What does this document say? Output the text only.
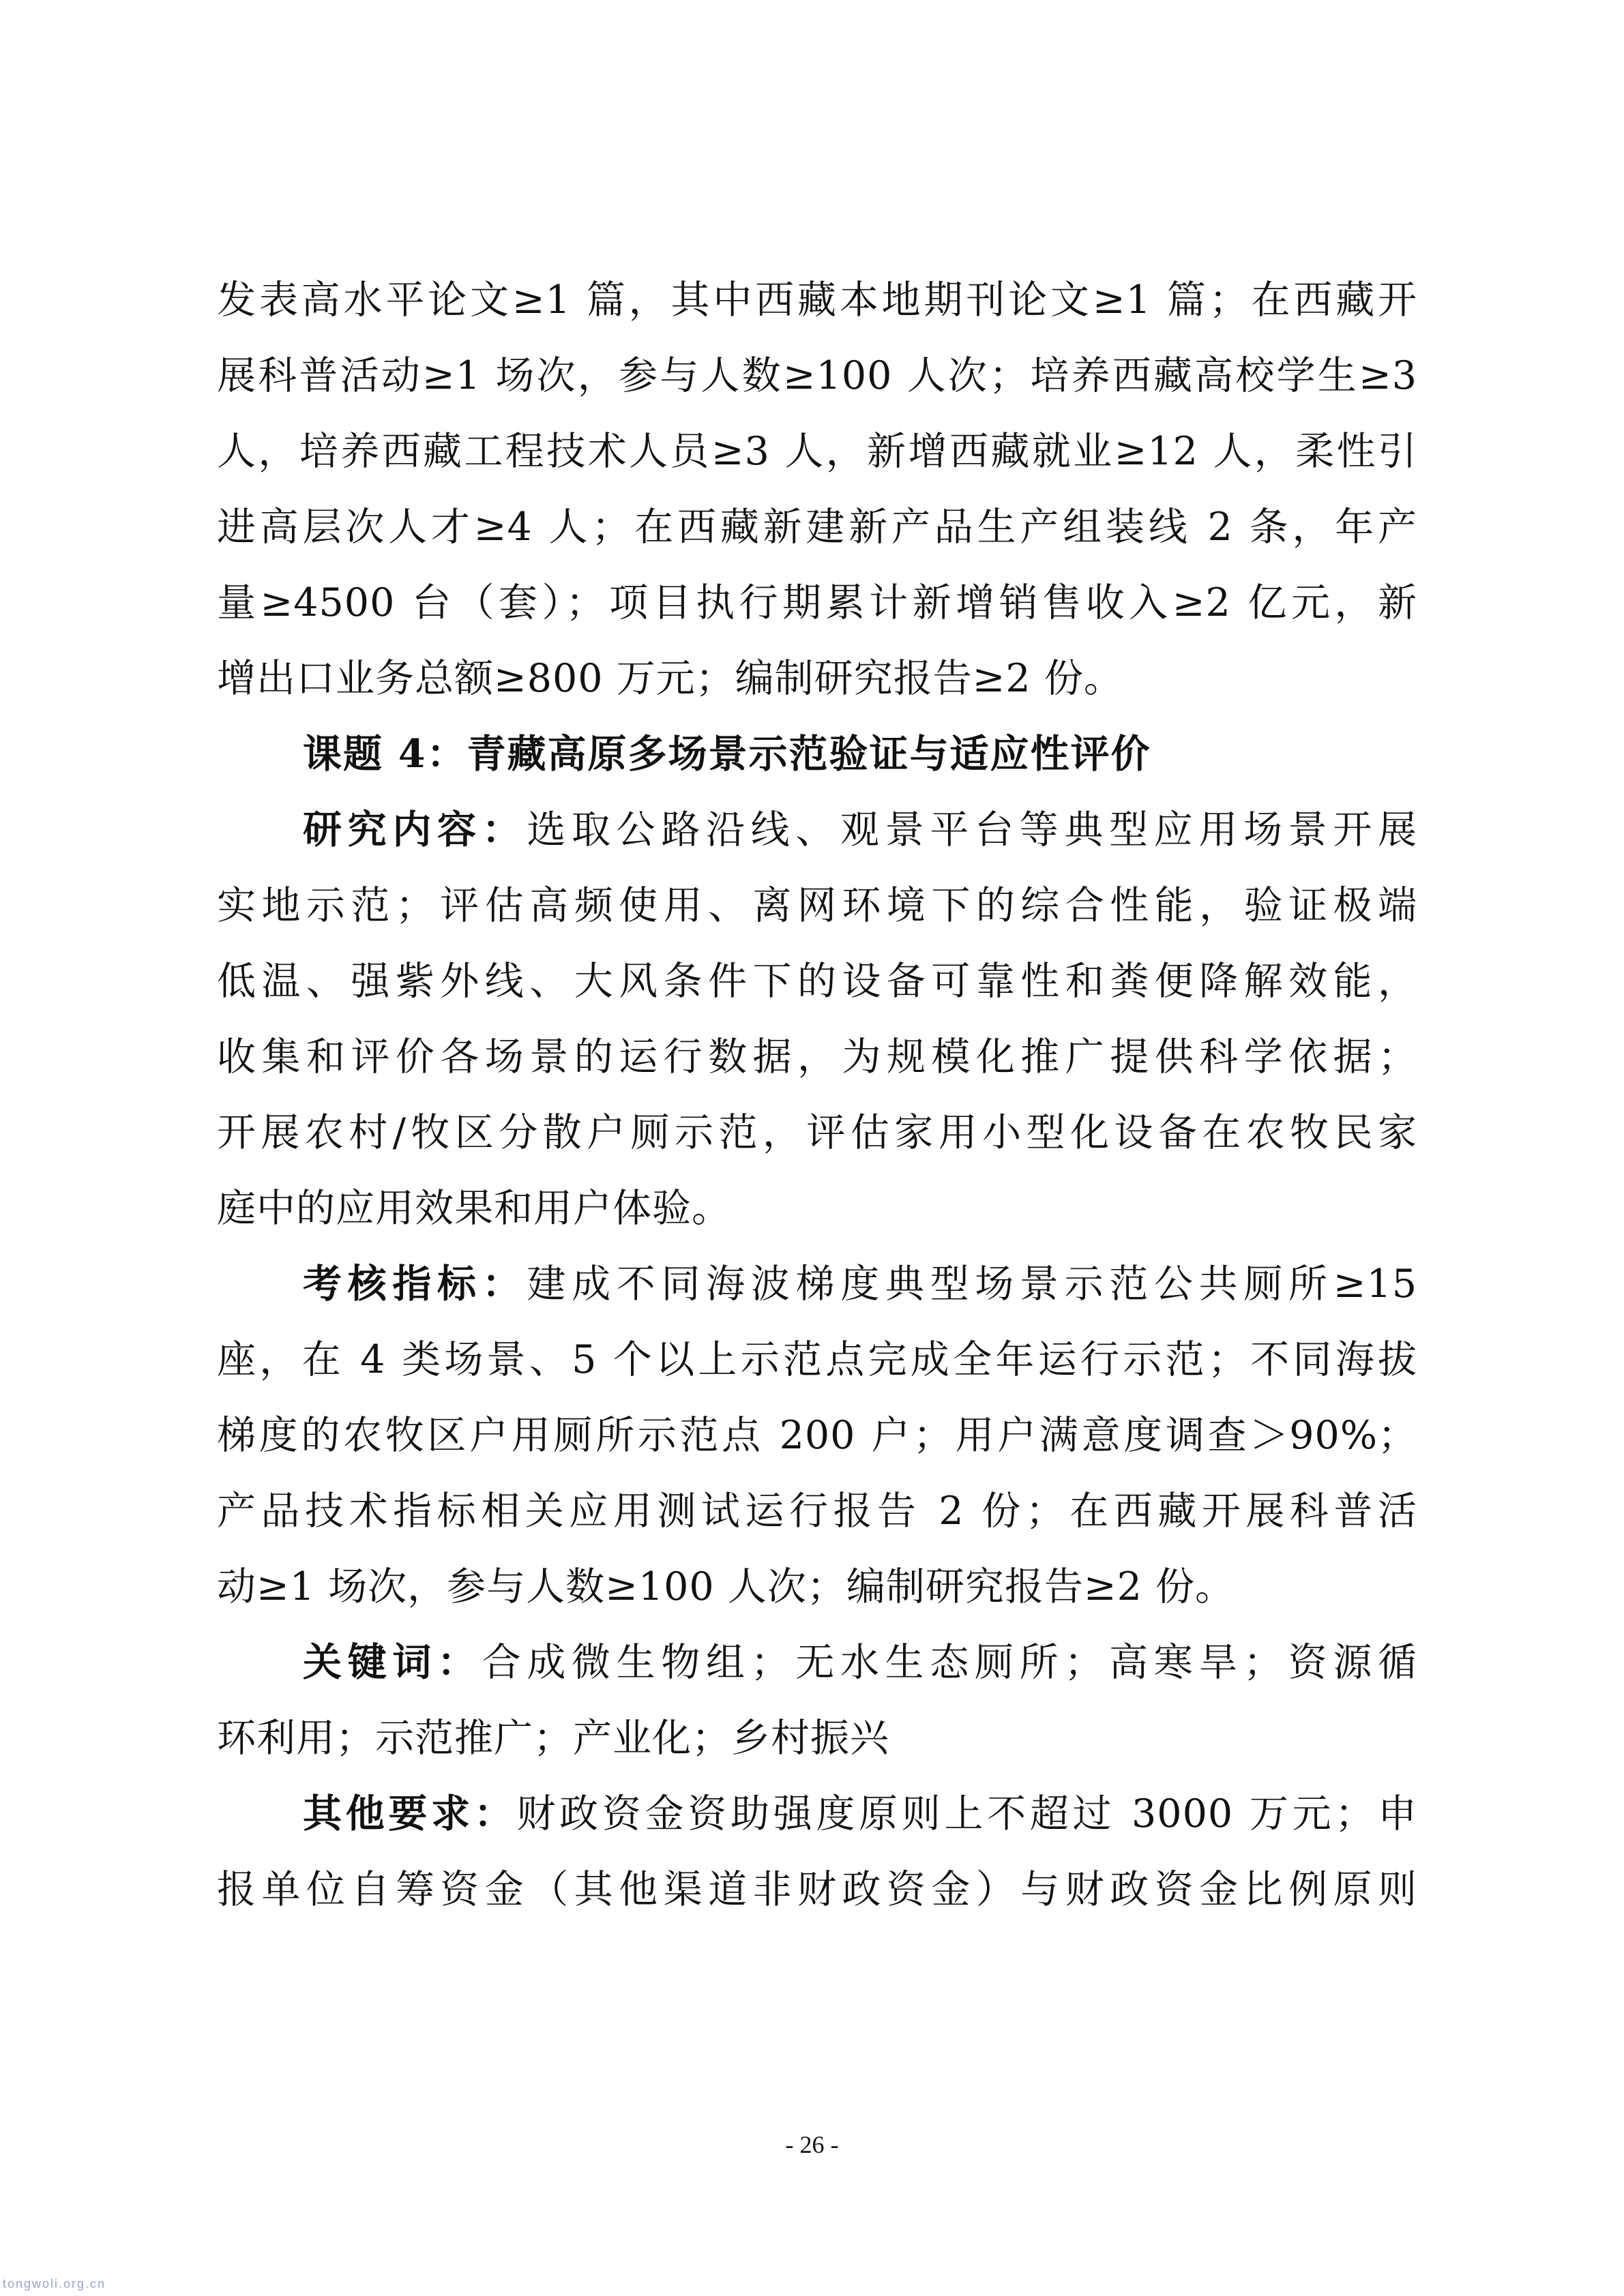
发表高水平论文≥1 篇，其中西藏本地期刊论文≥1 篇；在西藏开
展科普活动≥1 场次，参与人数≥100 人次；培养西藏高校学生≥3
人，培养西藏工程技术人员≥3 人，新增西藏就业≥12 人，柔性引
进高层次人才≥4 人；在西藏新建新产品生产组装线 2 条，年产
量≥4500 台（套）；项目执行期累计新增销售收入≥2 亿元，新
增出口业务总额≥800 万元；编制研究报告≥2 份。
课题 4：青藏高原多场景示范验证与适应性评价
研究内容：选取公路沿线、观景平台等典型应用场景开展
实地示范；评估高频使用、离网环境下的综合性能，验证极端
低温、强紫外线、大风条件下的设备可靠性和粪便降解效能，
收集和评价各场景的运行数据，为规模化推广提供科学依据；
开展农村/牧区分散户厕示范，评估家用小型化设备在农牧民家
庭中的应用效果和用户体验。
考核指标：建成不同海波梯度典型场景示范公共厕所≥15
座，在 4 类场景、5 个以上示范点完成全年运行示范；不同海拔
梯度的农牧区户用厕所示范点 200 户；用户满意度调查＞90%；
产品技术指标相关应用测试运行报告 2 份；在西藏开展科普活
动≥1 场次，参与人数≥100 人次；编制研究报告≥2 份。
关键词：合成微生物组；无水生态厕所；高寒旱；资源循
环利用；示范推广；产业化；乡村振兴
其他要求：财政资金资助强度原则上不超过 3000 万元；申
- 26 -
tongwoli.org.cn
报单位自筹资金（其他渠道非财政资金）与财政资金比例原则
